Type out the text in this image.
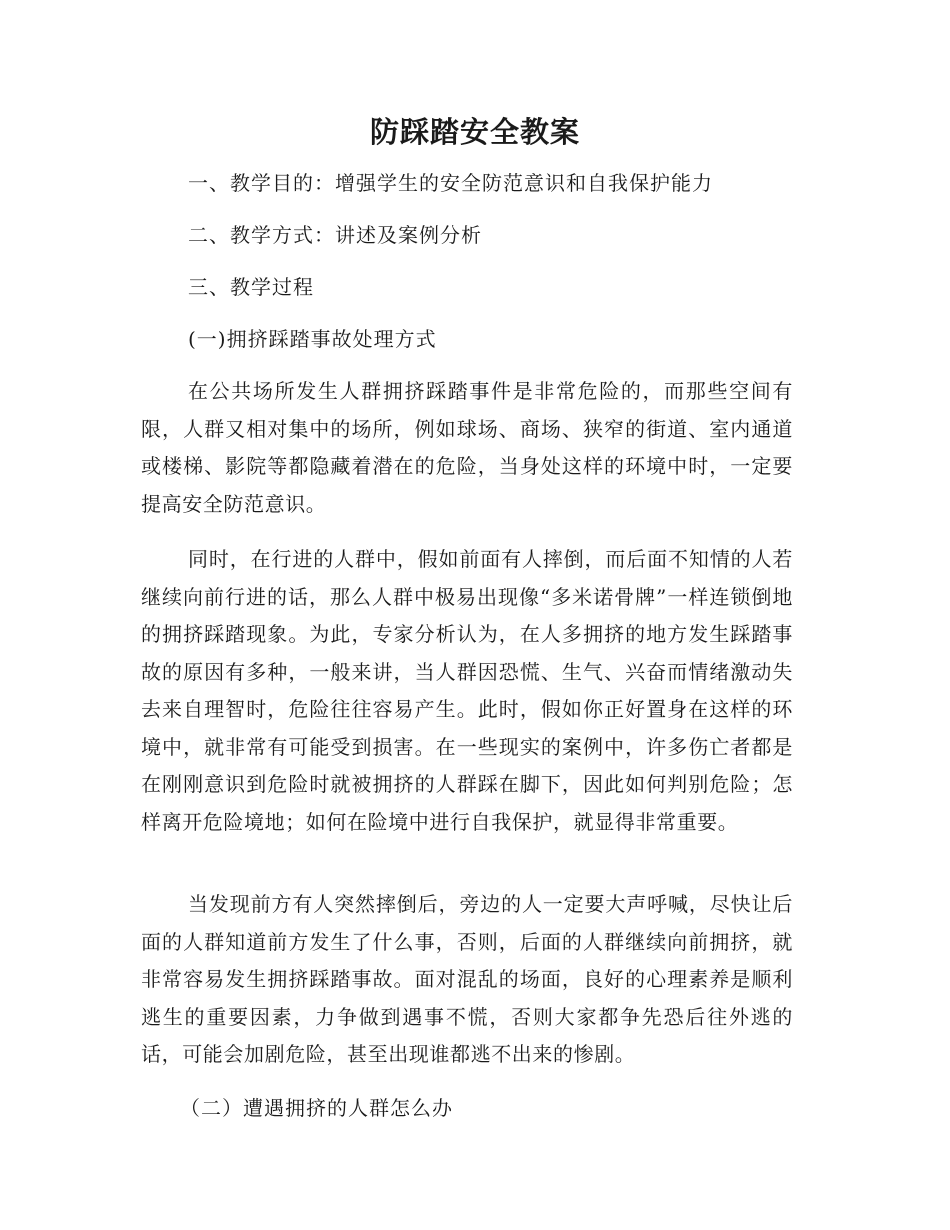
防踩踏安全教案
一、教学目的：增强学生的安全防范意识和自我保护能力
二、教学方式：讲述及案例分析
三、教学过程
(一)拥挤踩踏事故处理方式

在公共场所发生人群拥挤踩踏事件是非常危险的，而那些空间有限，人群又相对集中的场所，例如球场、商场、狭窄的街道、室内通道或楼梯、影院等都隐藏着潜在的危险，当身处这样的环境中时，一定要提高安全防范意识。

同时，在行进的人群中，假如前面有人摔倒，而后面不知情的人若继续向前行进的话，那么人群中极易出现像“多米诺骨牌”一样连锁倒地的拥挤踩踏现象。为此，专家分析认为，在人多拥挤的地方发生踩踏事故的原因有多种，一般来讲，当人群因恐慌、生气、兴奋而情绪激动失去来自理智时，危险往往容易产生。此时，假如你正好置身在这样的环境中，就非常有可能受到损害。在一些现实的案例中，许多伤亡者都是在刚刚意识到危险时就被拥挤的人群踩在脚下，因此如何判别危险；怎样离开危险境地；如何在险境中进行自我保护，就显得非常重要。

当发现前方有人突然摔倒后，旁边的人一定要大声呼喊，尽快让后面的人群知道前方发生了什么事，否则，后面的人群继续向前拥挤，就非常容易发生拥挤踩踏事故。面对混乱的场面，良好的心理素养是顺利逃生的重要因素，力争做到遇事不慌，否则大家都争先恐后往外逃的话，可能会加剧危险，甚至出现谁都逃不出来的惨剧。

（二）遭遇拥挤的人群怎么办
